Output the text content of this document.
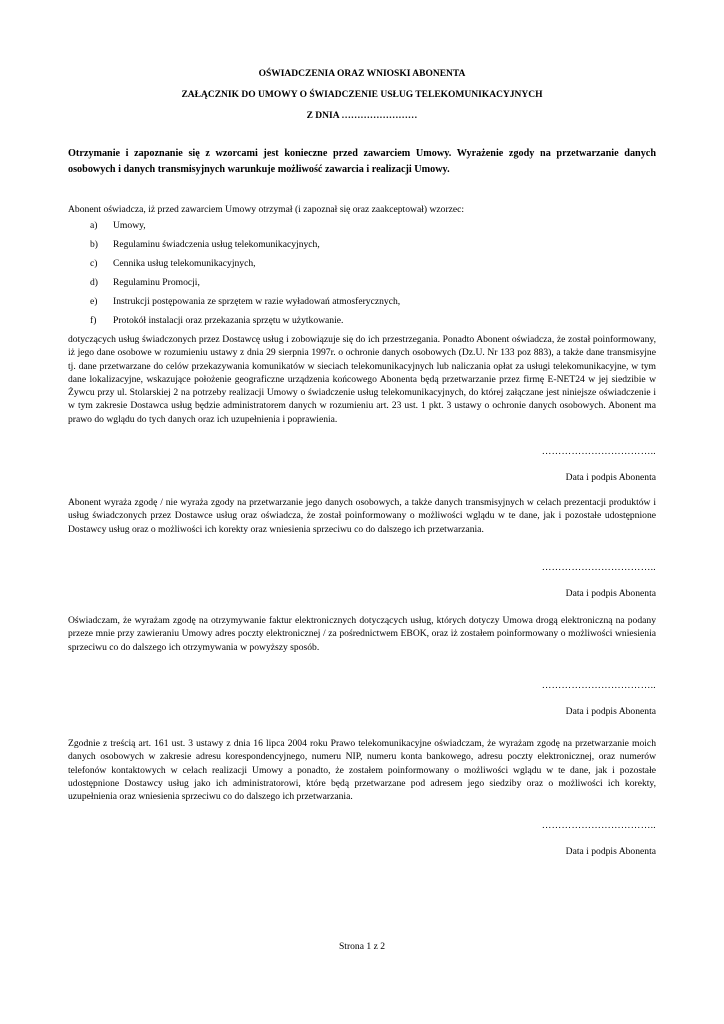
OŚWIADCZENIA ORAZ WNIOSKI ABONENTA
ZAŁĄCZNIK DO UMOWY O ŚWIADCZENIE USŁUG TELEKOMUNIKACYJNYCH
Z DNIA ……………………
Otrzymanie i zapoznanie się z wzorcami jest konieczne przed zawarciem Umowy. Wyrażenie zgody na przetwarzanie danych osobowych i danych transmisyjnych warunkuje możliwość zawarcia i realizacji Umowy.
Abonent oświadcza, iż przed zawarciem Umowy otrzymał (i zapoznał się oraz zaakceptował) wzorzec:
a) Umowy,
b) Regulaminu świadczenia usług telekomunikacyjnych,
c) Cennika usług telekomunikacyjnych,
d) Regulaminu Promocji,
e) Instrukcji postępowania ze sprzętem w razie wyładowań atmosferycznych,
f) Protokół instalacji oraz przekazania sprzętu w użytkowanie.
dotyczących usług świadczonych przez Dostawcę usług i zobowiązuje się do ich przestrzegania. Ponadto Abonent oświadcza, że został poinformowany, iż jego dane osobowe w rozumieniu ustawy z dnia 29 sierpnia 1997r. o ochronie danych osobowych (Dz.U. Nr 133 poz 883), a także dane transmisyjne tj. dane przetwarzane do celów przekazywania komunikatów w sieciach telekomunikacyjnych lub naliczania opłat za usługi telekomunikacyjne, w tym dane lokalizacyjne, wskazujące położenie geograficzne urządzenia końcowego Abonenta będą przetwarzanie przez firmę E-NET24 w jej siedzibie w Żywcu przy ul. Stolarskiej 2 na potrzeby realizacji Umowy o świadczenie usług telekomunikacyjnych, do której załączane jest niniejsze oświadczenie i w tym zakresie Dostawca usług będzie administratorem danych w rozumieniu art. 23 ust. 1 pkt. 3 ustawy o ochronie danych osobowych. Abonent ma prawo do wglądu do tych danych oraz ich uzupełnienia i poprawienia.
……………………………..
Data i podpis Abonenta
Abonent wyraża zgodę / nie wyraża zgody na przetwarzanie jego danych osobowych, a także danych transmisyjnych w celach prezentacji produktów i usług świadczonych przez Dostawce usług oraz oświadcza, że został poinformowany o możliwości wglądu w te dane, jak i pozostałe udostępnione Dostawcy usług oraz o możliwości ich korekty oraz wniesienia sprzeciwu co do dalszego ich przetwarzania.
……………………………..
Data i podpis Abonenta
Oświadczam, że wyrażam zgodę na otrzymywanie faktur elektronicznych dotyczących usług, których dotyczy Umowa drogą elektroniczną na podany przeze mnie przy zawieraniu Umowy adres poczty elektronicznej / za pośrednictwem EBOK, oraz iż zostałem poinformowany o możliwości wniesienia sprzeciwu co do dalszego ich otrzymywania w powyższy sposób.
……………………………..
Data i podpis Abonenta
Zgodnie z treścią art. 161 ust. 3 ustawy z dnia 16 lipca 2004 roku Prawo telekomunikacyjne oświadczam, że wyrażam zgodę na przetwarzanie moich danych osobowych w zakresie adresu korespondencyjnego, numeru NIP, numeru konta bankowego, adresu poczty elektronicznej, oraz numerów telefonów kontaktowych w celach realizacji Umowy a ponadto, że zostałem poinformowany o możliwości wglądu w te dane, jak i pozostałe udostępnione Dostawcy usług jako ich administratorowi, które będą przetwarzane pod adresem jego siedziby oraz o możliwości ich korekty, uzupełnienia oraz wniesienia sprzeciwu co do dalszego ich przetwarzania.
……………………………..
Data i podpis Abonenta
Strona 1 z 2
